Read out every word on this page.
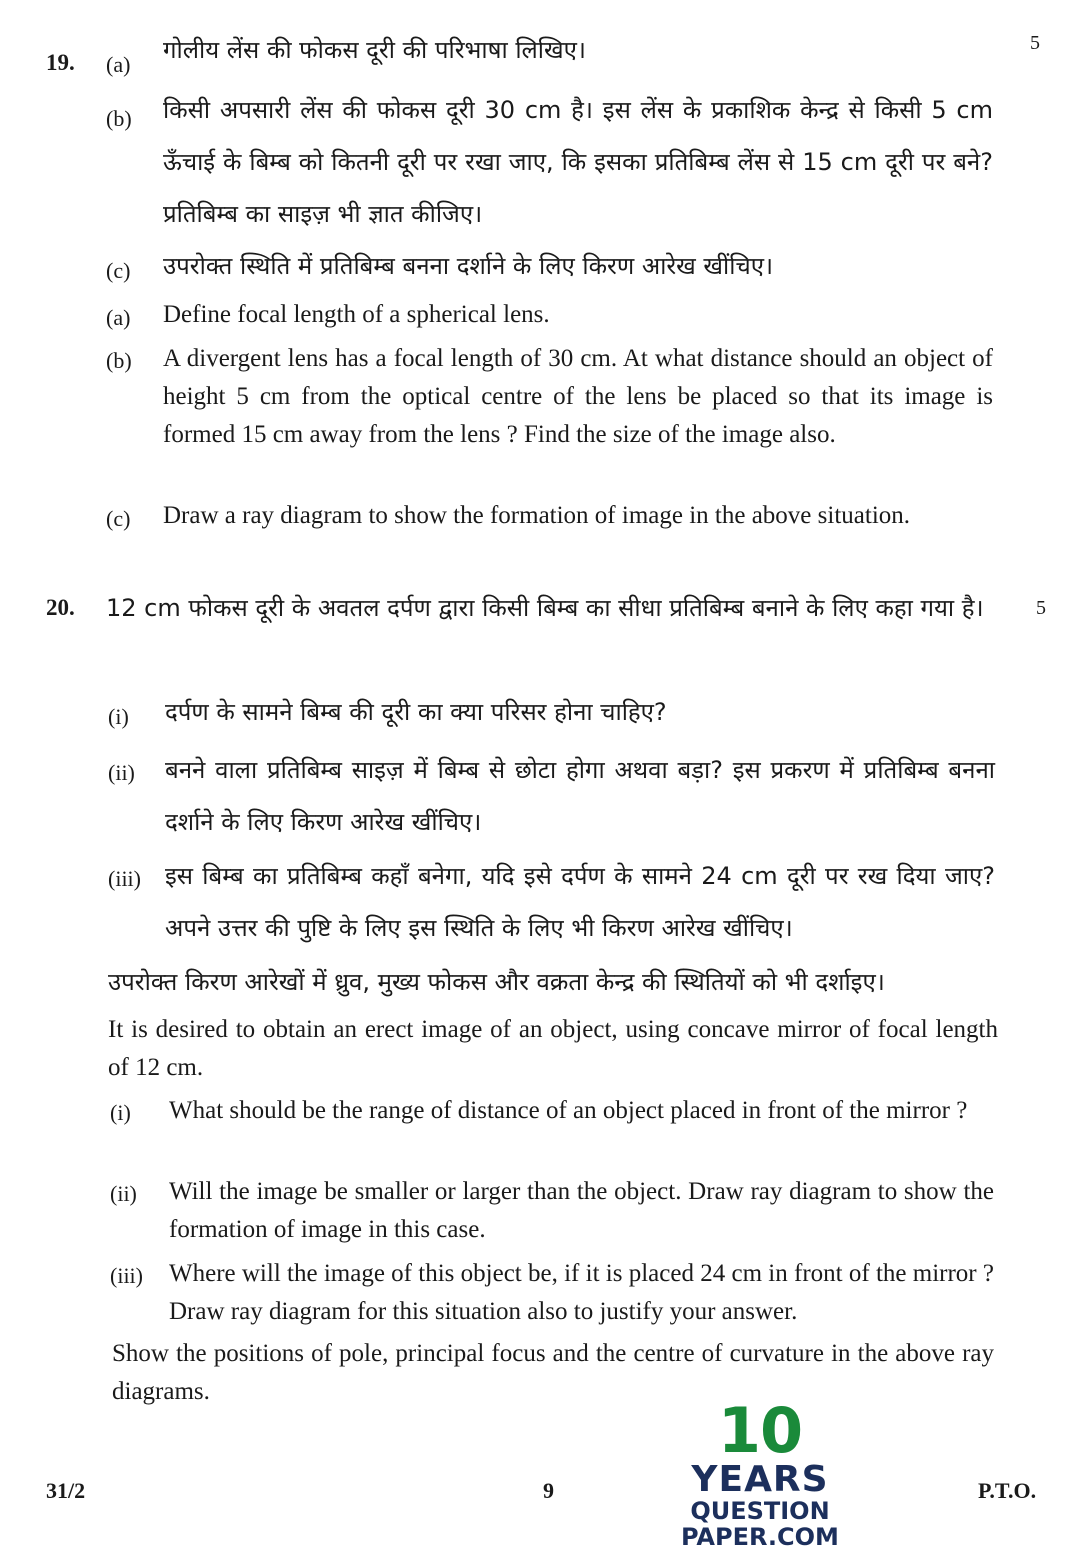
19.
5
(a)
गोलीय लेंस की फोकस दूरी की परिभाषा लिखिए।
(b) किसी अपसारी लेंस की फोकस दूरी 30 cm है। इस लेंस के प्रकाशिक केन्द्र से किसी 5 cm ऊँचाई के बिम्ब को कितनी दूरी पर रखा जाए, कि इसका प्रतिबिम्ब लेंस से 15 cm दूरी पर बने? प्रतिबिम्ब का साइज़ भी ज्ञात कीजिए।
(c) उपरोक्त स्थिति में प्रतिबिम्ब बनना दर्शाने के लिए किरण आरेख खींचिए।
(a) Define focal length of a spherical lens.
(b) A divergent lens has a focal length of 30 cm. At what distance should an object of height 5 cm from the optical centre of the lens be placed so that its image is formed 15 cm away from the lens ? Find the size of the image also.
(c) Draw a ray diagram to show the formation of image in the above situation.
20.	5
12 cm फोकस दूरी के अवतल दर्पण द्वारा किसी बिम्ब का सीधा प्रतिबिम्ब बनाने के लिए कहा गया है।
(i) दर्पण के सामने बिम्ब की दूरी का क्या परिसर होना चाहिए?
(ii) बनने वाला प्रतिबिम्ब साइज़ में बिम्ब से छोटा होगा अथवा बड़ा? इस प्रकरण में प्रतिबिम्ब बनना दर्शाने के लिए किरण आरेख खींचिए।
(iii) इस बिम्ब का प्रतिबिम्ब कहाँ बनेगा, यदि इसे दर्पण के सामने 24 cm दूरी पर रख दिया जाए? अपने उत्तर की पुष्टि के लिए इस स्थिति के लिए भी किरण आरेख खींचिए।
उपरोक्त किरण आरेखों में ध्रुव, मुख्य फोकस और वक्रता केन्द्र की स्थितियों को भी दर्शाइए।
It is desired to obtain an erect image of an object, using concave mirror of focal length of 12 cm.
(i) What should be the range of distance of an object placed in front of the mirror ?
(ii) Will the image be smaller or larger than the object. Draw ray diagram to show the formation of image in this case.
(iii) Where will the image of this object be, if it is placed 24 cm in front of the mirror ? Draw ray diagram for this situation also to justify your answer.
Show the positions of pole, principal focus and the centre of curvature in the above ray diagrams.
31/2	9	P.T.O.
10
YEARS
QUESTION PAPER.COM
